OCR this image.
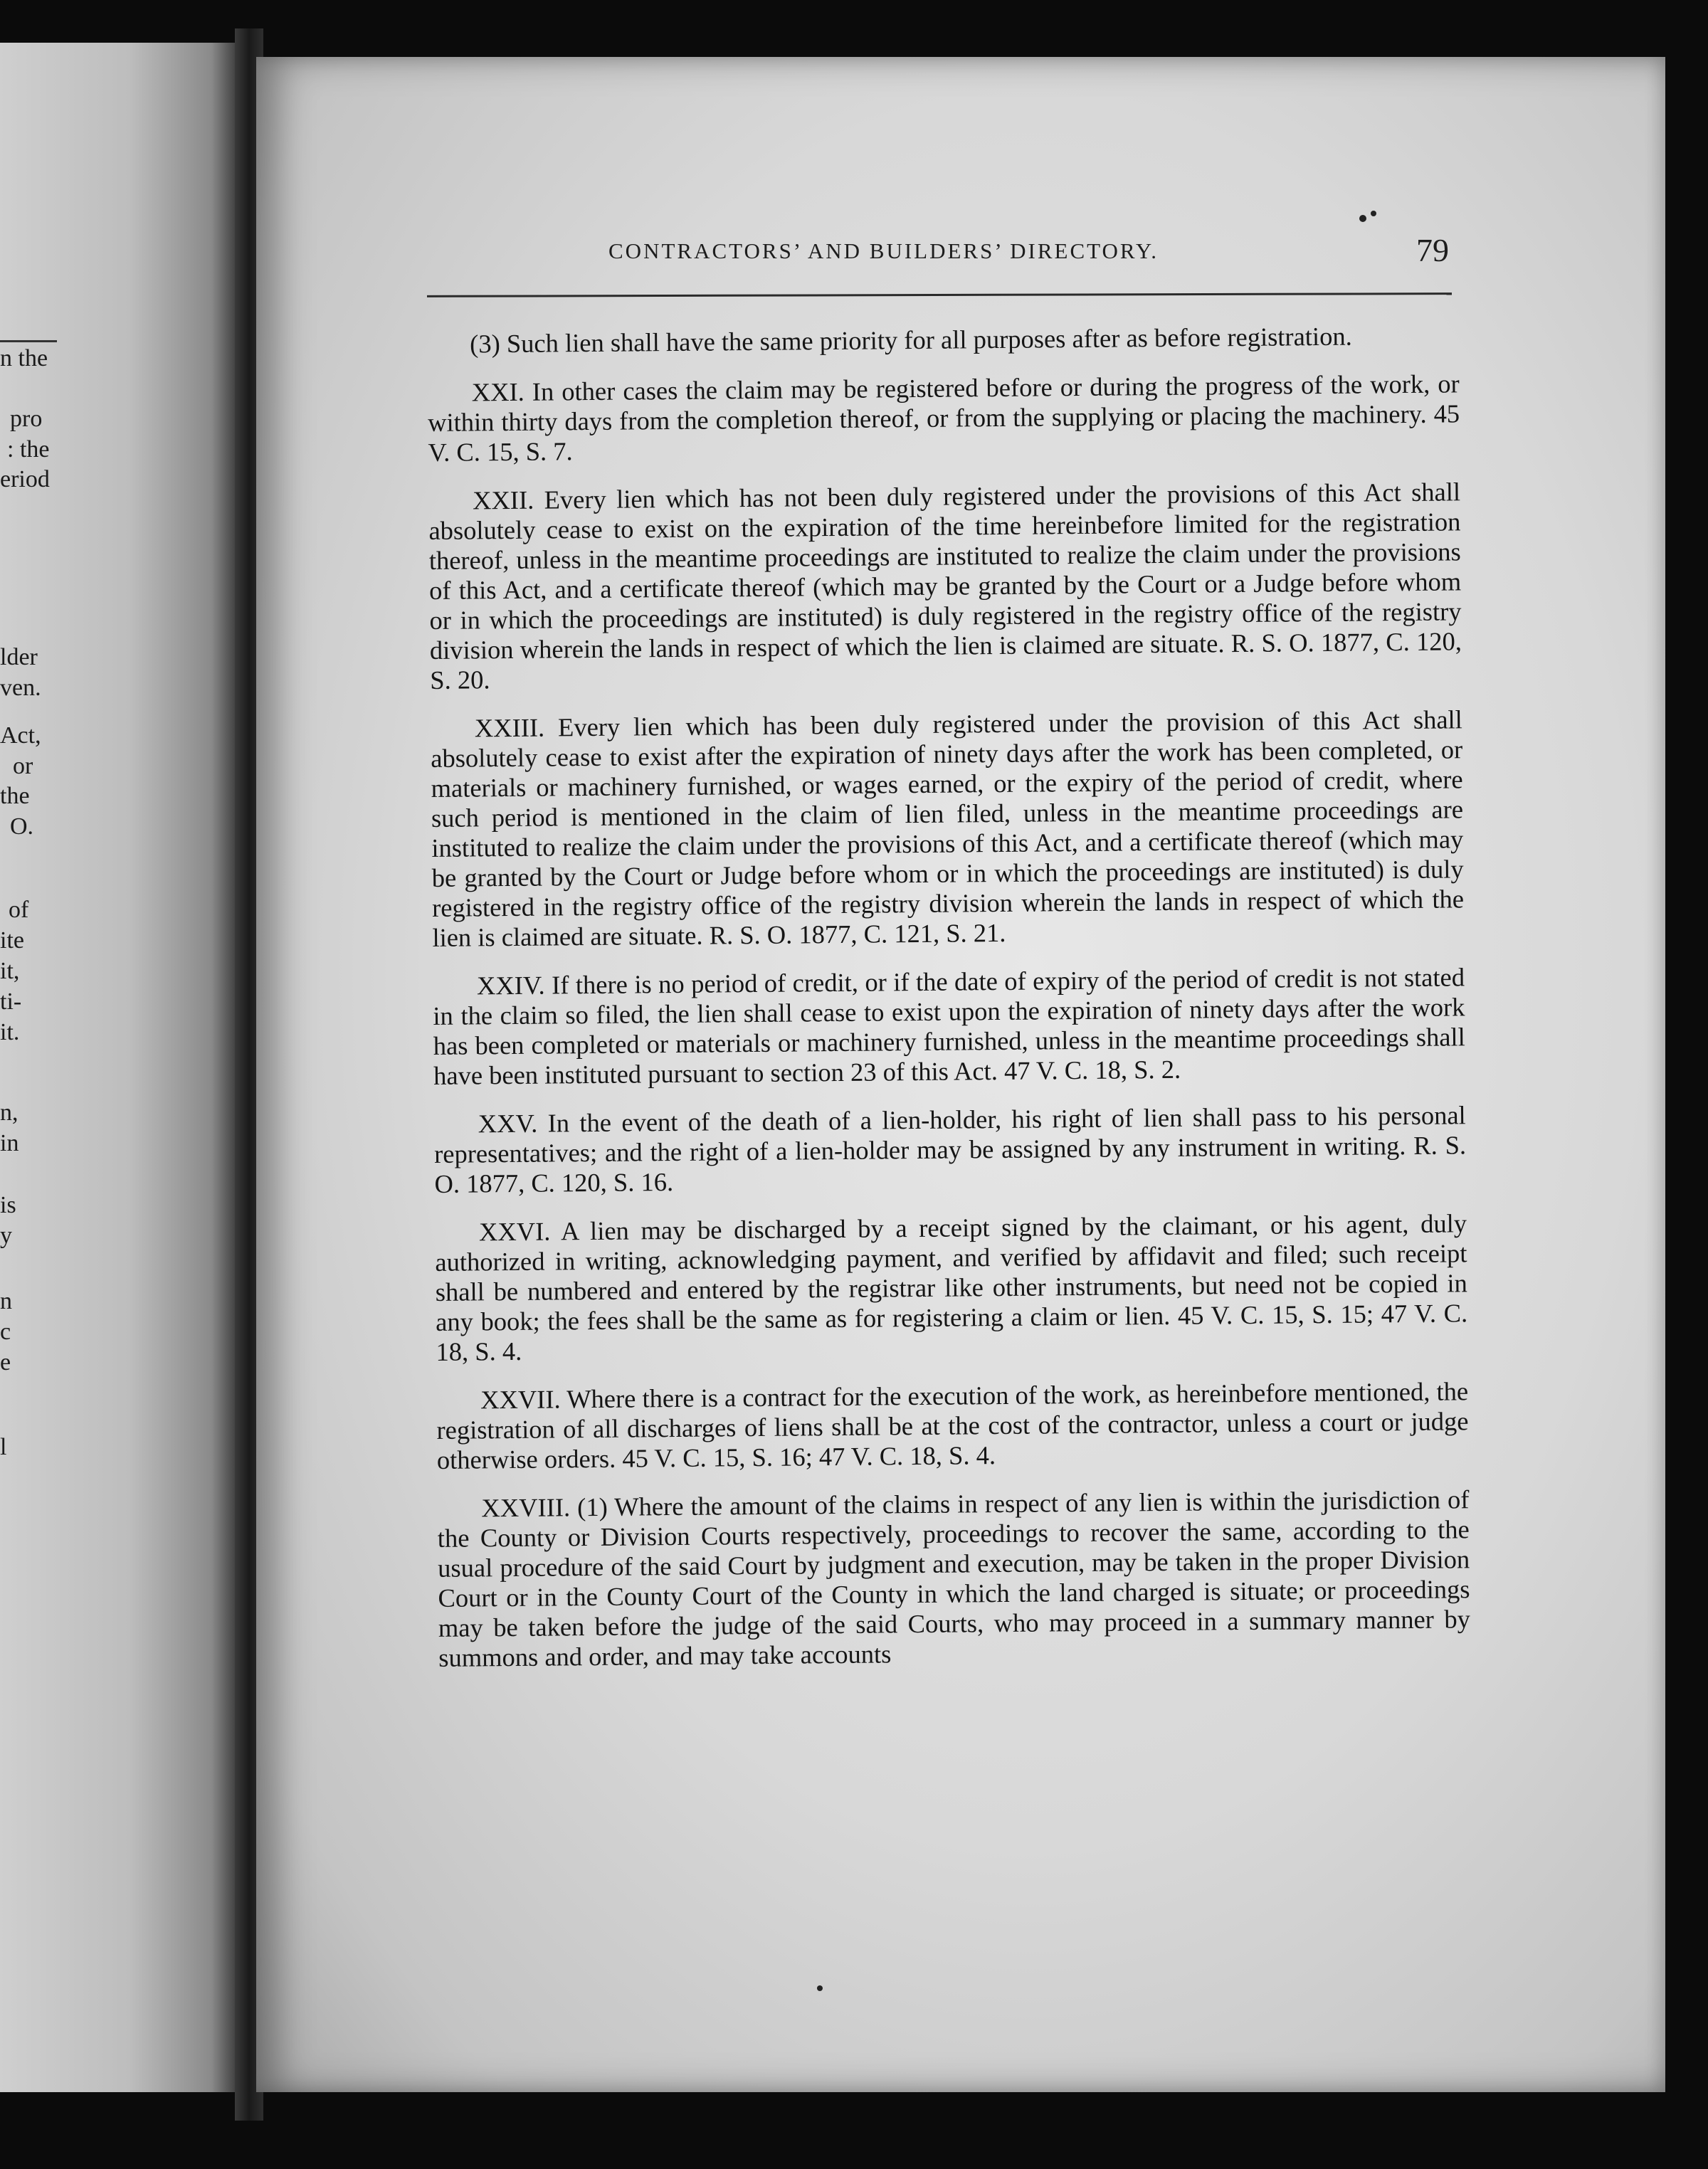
n the
pro
: the
eriod
lder
ven.
Act,
or
the
O.
of
ite
it,
ti-
it.
n,
in
is
y
n
c
e
l
CONTRACTORS’ AND BUILDERS’ DIRECTORY.	79

(3) Such lien shall have the same priority for all purposes after as before registration.

XXI. In other cases the claim may be registered before or during the progress of the work, or within thirty days from the completion thereof, or from the supplying or placing the machinery. 45 V. C. 15, S. 7.

XXII. Every lien which has not been duly registered under the provisions of this Act shall absolutely cease to exist on the expiration of the time hereinbefore limited for the registration thereof, unless in the meantime proceedings are instituted to realize the claim under the provisions of this Act, and a certificate thereof (which may be granted by the Court or a Judge before whom or in which the proceedings are instituted) is duly registered in the registry office of the registry division wherein the lands in respect of which the lien is claimed are situate. R. S. O. 1877, C. 120, S. 20.

XXIII. Every lien which has been duly registered under the provision of this Act shall absolutely cease to exist after the expiration of ninety days after the work has been completed, or materials or machinery furnished, or wages earned, or the expiry of the period of credit, where such period is mentioned in the claim of lien filed, unless in the meantime proceedings are instituted to realize the claim under the provisions of this Act, and a certificate thereof (which may be granted by the Court or Judge before whom or in which the proceedings are instituted) is duly registered in the registry office of the registry division wherein the lands in respect of which the lien is claimed are situate. R. S. O. 1877, C. 121, S. 21.

XXIV. If there is no period of credit, or if the date of expiry of the period of credit is not stated in the claim so filed, the lien shall cease to exist upon the expiration of ninety days after the work has been completed or materials or machinery furnished, unless in the meantime proceedings shall have been instituted pursuant to section 23 of this Act. 47 V. C. 18, S. 2.

XXV. In the event of the death of a lien-holder, his right of lien shall pass to his personal representatives; and the right of a lien-holder may be assigned by any instrument in writing. R. S. O. 1877, C. 120, S. 16.

XXVI. A lien may be discharged by a receipt signed by the claimant, or his agent, duly authorized in writing, acknowledging payment, and verified by affidavit and filed; such receipt shall be numbered and entered by the registrar like other instruments, but need not be copied in any book; the fees shall be the same as for registering a claim or lien. 45 V. C. 15, S. 15; 47 V. C. 18, S. 4.

XXVII. Where there is a contract for the execution of the work, as hereinbefore mentioned, the registration of all discharges of liens shall be at the cost of the contractor, unless a court or judge otherwise orders. 45 V. C. 15, S. 16; 47 V. C. 18, S. 4.

XXVIII. (1) Where the amount of the claims in respect of any lien is within the jurisdiction of the County or Division Courts respectively, proceedings to recover the same, according to the usual procedure of the said Court by judgment and execution, may be taken in the proper Division Court or in the County Court of the County in which the land charged is situate; or proceedings may be taken before the judge of the said Courts, who may proceed in a summary manner by summons and order, and may take accounts
